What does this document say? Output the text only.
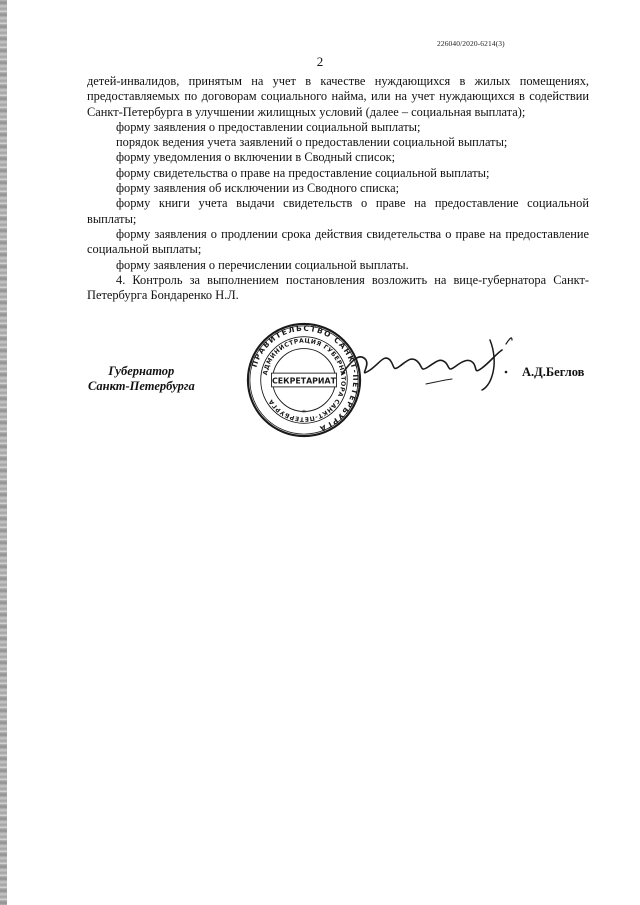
226040/2020-6214(3)
2

детей-инвалидов, принятым на учет в качестве нуждающихся в жилых помещениях, предоставляемых по договорам социального найма, или на учет нуждающихся в содействии Санкт-Петербурга в улучшении жилищных условий (далее – социальная выплата);

форму заявления о предоставлении социальной выплаты;

порядок ведения учета заявлений о предоставлении социальной выплаты;

форму уведомления о включении в Сводный список;

форму свидетельства о праве на предоставление социальной выплаты;

форму заявления об исключении из Сводного списка;

форму книги учета выдачи свидетельств о праве на предоставление социальной выплаты;

форму заявления о продлении срока действия свидетельства о праве на предоставление социальной выплаты;

форму заявления о перечислении социальной выплаты.

4. Контроль за выполнением постановления возложить на вице-губернатора Санкт-Петербурга Бондаренко Н.Л.

Губернатор
Санкт-Петербурга
ПРАВИТЕЛЬСТВО САНКТ-ПЕТЕРБУРГА
АДМИНИСТРАЦИЯ ГУБЕРНАТОРА САНКТ-ПЕТЕРБУРГА
СЕКРЕТАРИАТ
*
А.Д.Беглов
